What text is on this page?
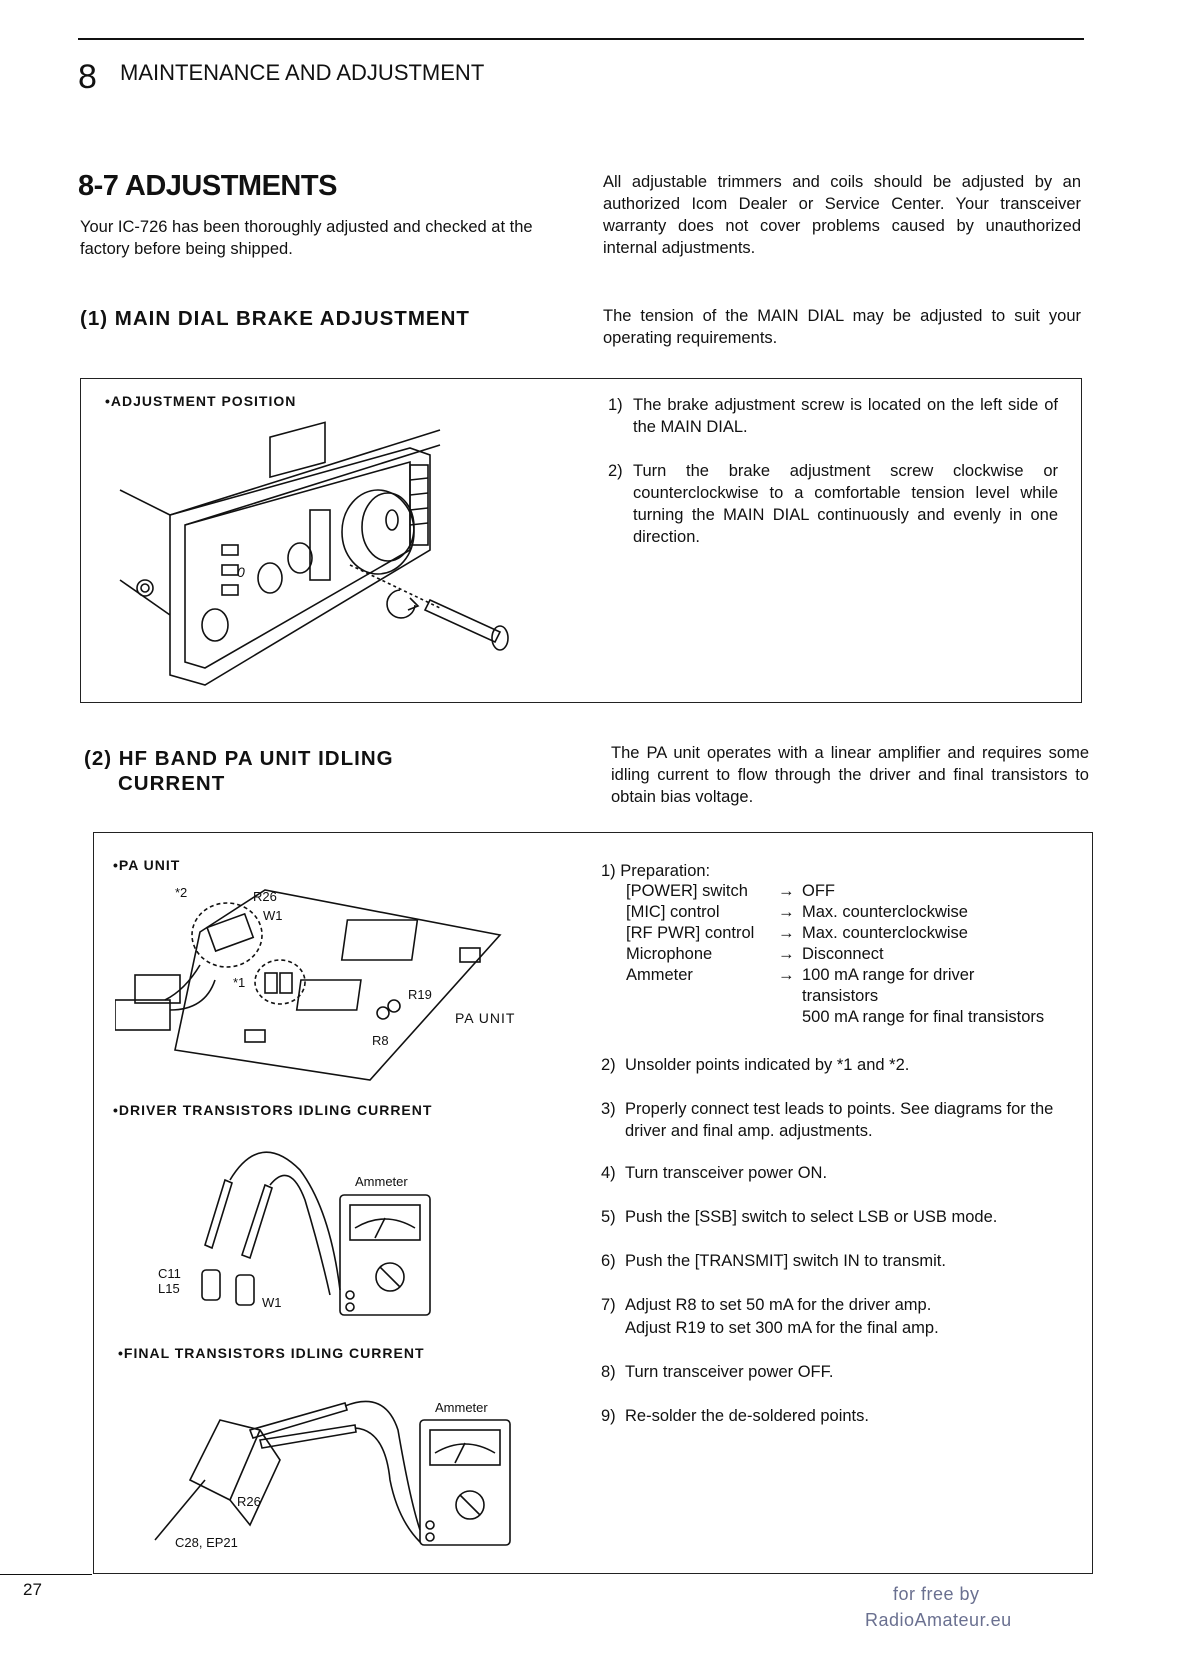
8 MAINTENANCE AND ADJUSTMENT
8-7 ADJUSTMENTS
Your IC-726 has been thoroughly adjusted and checked at the factory before being shipped.
All adjustable trimmers and coils should be adjusted by an authorized Icom Dealer or Service Center. Your transceiver warranty does not cover problems caused by unauthorized internal adjustments.
(1) MAIN DIAL BRAKE ADJUSTMENT	The tension of the MAIN DIAL may be adjusted to suit your operating requirements.
•ADJUSTMENT POSITION
0
1) The brake adjustment screw is located on the left side of the MAIN DIAL.
2) Turn the brake adjustment screw clockwise or counterclockwise to a comfortable tension level while turning the MAIN DIAL continuously and evenly in one direction.
(2) HF BAND PA UNIT IDLING
CURRENT
The PA unit operates with a linear amplifier and requires some idling current to flow through the driver and final transistors to obtain bias voltage.
•PA UNIT
R26
W1
*2
*1
R19
R8
PA UNIT
•DRIVER TRANSISTORS IDLING CURRENT
Ammeter
C11
L15
W1
•FINAL TRANSISTORS IDLING CURRENT
Ammeter
R26
C28, EP21
1) Preparation:
[POWER] switch	→ OFF
[MIC] control	→ Max. counterclockwise
[RF PWR] control	→ Max. counterclockwise
Microphone	→ Disconnect
Ammeter	→ 100 mA range for driver transistors
500 mA range for final transistors
2) Unsolder points indicated by *1 and *2.
3) Properly connect test leads to points. See diagrams for the driver and final amp. adjustments.
4) Turn transceiver power ON.
5) Push the [SSB] switch to select LSB or USB mode.
6) Push the [TRANSMIT] switch IN to transmit.
7) Adjust R8 to set 50 mA for the driver amp.
Adjust R19 to set 300 mA for the final amp.
8) Turn transceiver power OFF.
9) Re-solder the de-soldered points.
27	for free by
RadioAmateur.eu
